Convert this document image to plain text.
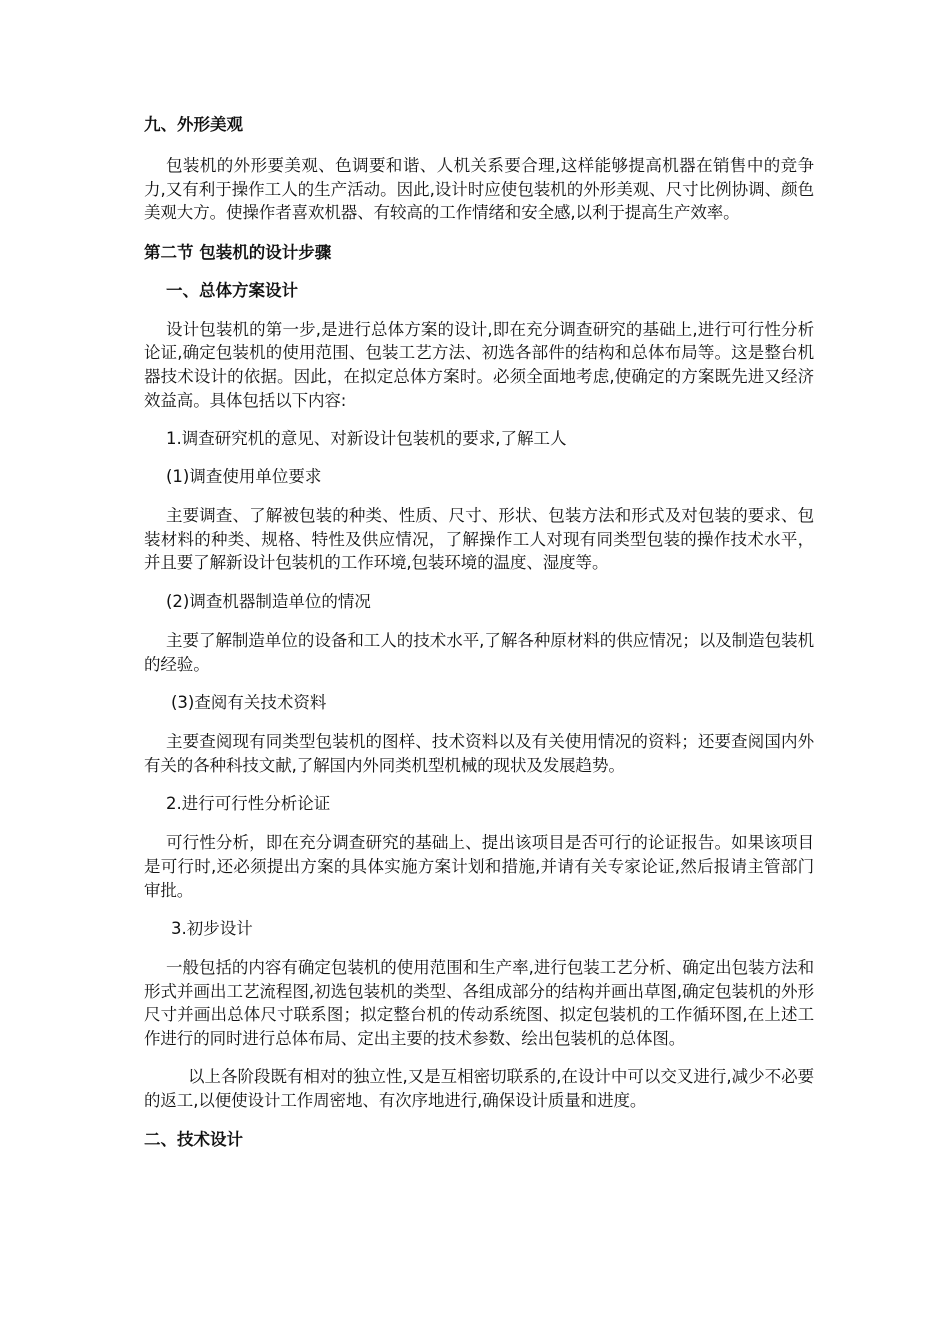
九、外形美观

包装机的外形要美观、色调要和谐、人机关系要合理,这样能够提高机器在销售中的竞争力,又有利于操作工人的生产活动。因此,设计时应使包装机的外形美观、尺寸比例协调、颜色美观大方。使操作者喜欢机器、有较高的工作情绪和安全感,以利于提高生产效率。

第二节 包装机的设计步骤
一、总体方案设计

设计包装机的第一步,是进行总体方案的设计,即在充分调查研究的基础上,进行可行性分析论证,确定包装机的使用范围、包装工艺方法、初选各部件的结构和总体布局等。这是整台机器技术设计的依据。因此，在拟定总体方案时。必须全面地考虑,使确定的方案既先进又经济效益高。具体包括以下内容:

1.调查研究机的意见、对新设计包装机的要求,了解工人
(1)调查使用单位要求

主要调查、了解被包装的种类、性质、尺寸、形状、包装方法和形式及对包装的要求、包装材料的种类、规格、特性及供应情况，了解操作工人对现有同类型包装的操作技术水平，并且要了解新设计包装机的工作环境,包装环境的温度、湿度等。

(2)调查机器制造单位的情况

主要了解制造单位的设备和工人的技术水平,了解各种原材料的供应情况；以及制造包装机的经验。

(3)查阅有关技术资料

主要查阅现有同类型包装机的图样、技术资料以及有关使用情况的资料；还要查阅国内外有关的各种科技文献,了解国内外同类机型机械的现状及发展趋势。

2.进行可行性分析论证

可行性分析，即在充分调查研究的基础上、提出该项目是否可行的论证报告。如果该项目是可行时,还必须提出方案的具体实施方案计划和措施,并请有关专家论证,然后报请主管部门审批。

3.初步设计

一般包括的内容有确定包装机的使用范围和生产率,进行包装工艺分析、确定出包装方法和形式并画出工艺流程图,初选包装机的类型、各组成部分的结构并画出草图,确定包装机的外形尺寸并画出总体尺寸联系图；拟定整台机的传动系统图、拟定包装机的工作循环图,在上述工作进行的同时进行总体布局、定出主要的技术参数、绘出包装机的总体图。

以上各阶段既有相对的独立性,又是互相密切联系的,在设计中可以交叉进行,减少不必要的返工,以便使设计工作周密地、有次序地进行,确保设计质量和进度。

二、技术设计
